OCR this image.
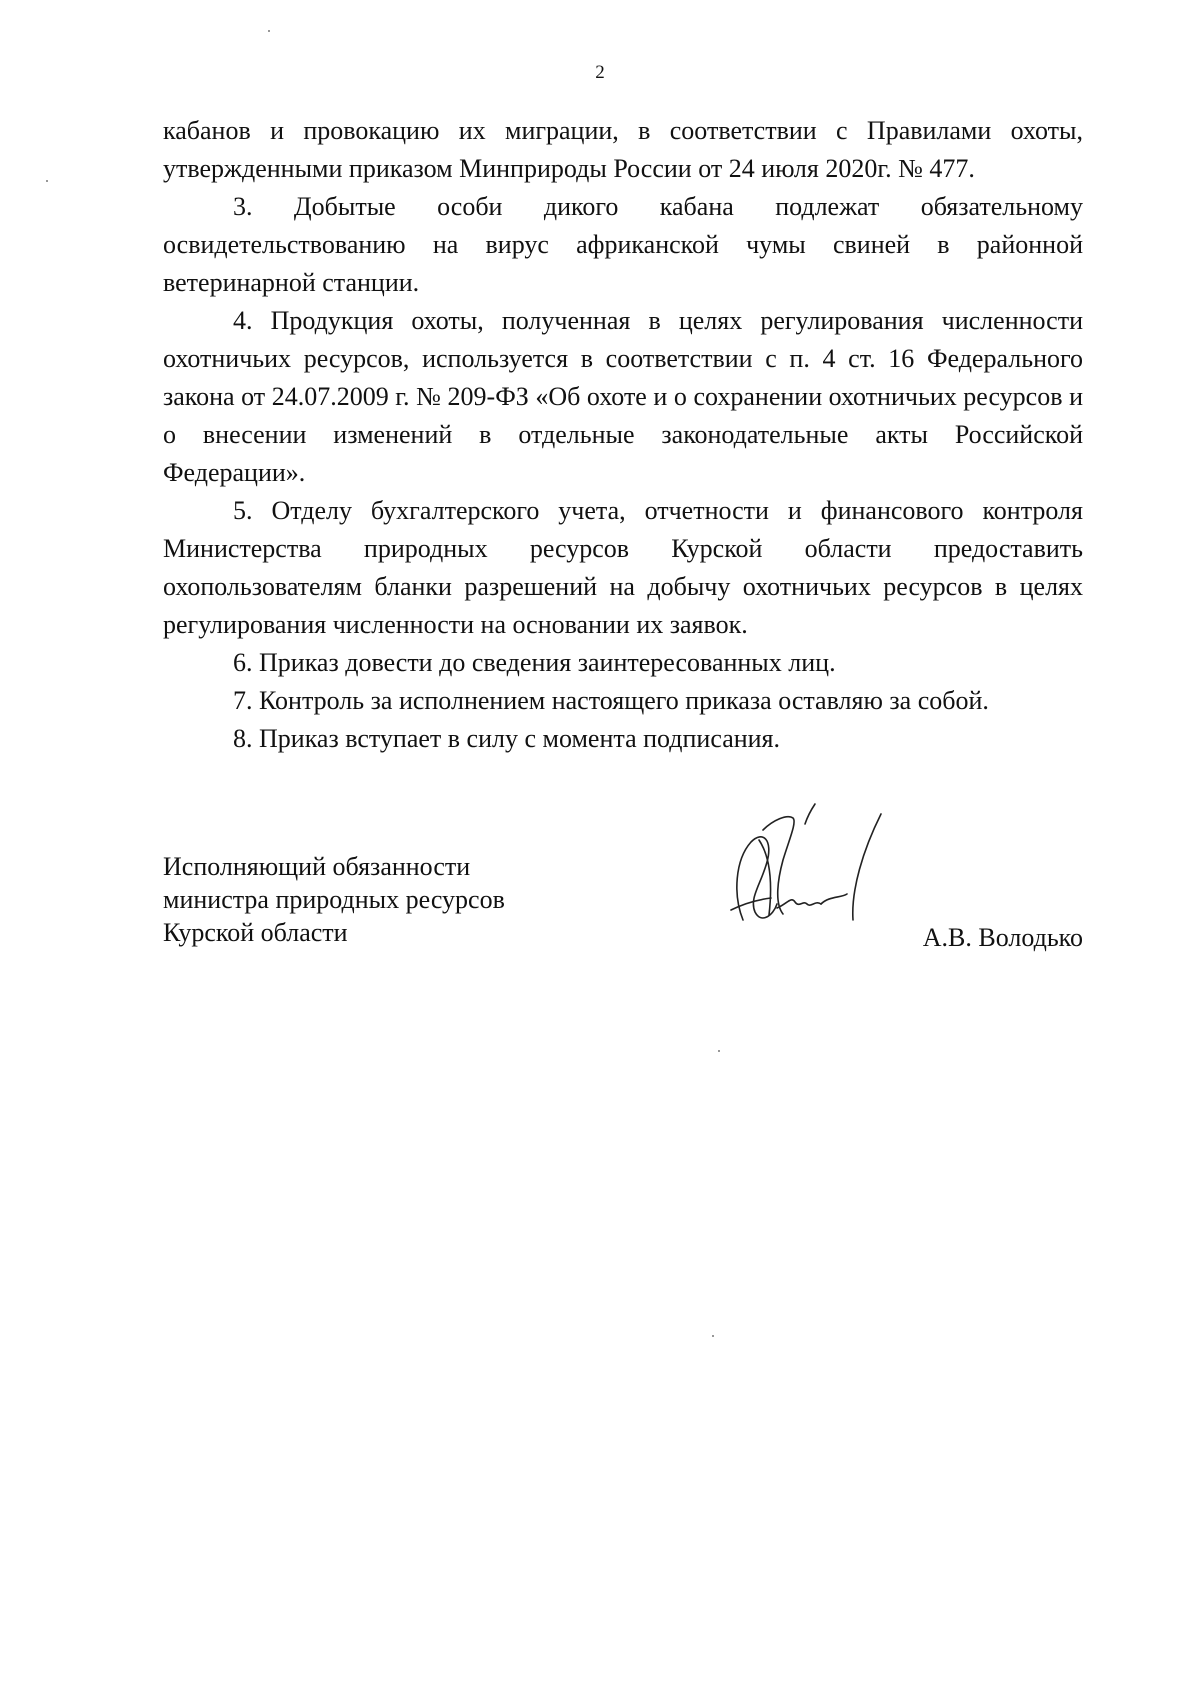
2

кабанов и провокацию их миграции, в соответствии с Правилами охоты, утвержденными приказом Минприроды России от 24 июля 2020г. № 477.

3. Добытые особи дикого кабана подлежат обязательному освидетельствованию на вирус африканской чумы свиней в районной ветеринарной станции.

4. Продукция охоты, полученная в целях регулирования численности охотничьих ресурсов, используется в соответствии с п. 4 ст. 16 Федерального закона от 24.07.2009 г. № 209-ФЗ «Об охоте и о сохранении охотничьих ресурсов и о внесении изменений в отдельные законодательные акты Российской Федерации».

5. Отделу бухгалтерского учета, отчетности и финансового контроля Министерства природных ресурсов Курской области предоставить охопользователям бланки разрешений на добычу охотничьих ресурсов в целях регулирования численности на основании их заявок.

6. Приказ довести до сведения заинтересованных лиц.

7. Контроль за исполнением настоящего приказа оставляю за собой.

8. Приказ вступает в силу с момента подписания.

Исполняющий обязанности
министра природных ресурсов
Курской области	А.В. Володько
